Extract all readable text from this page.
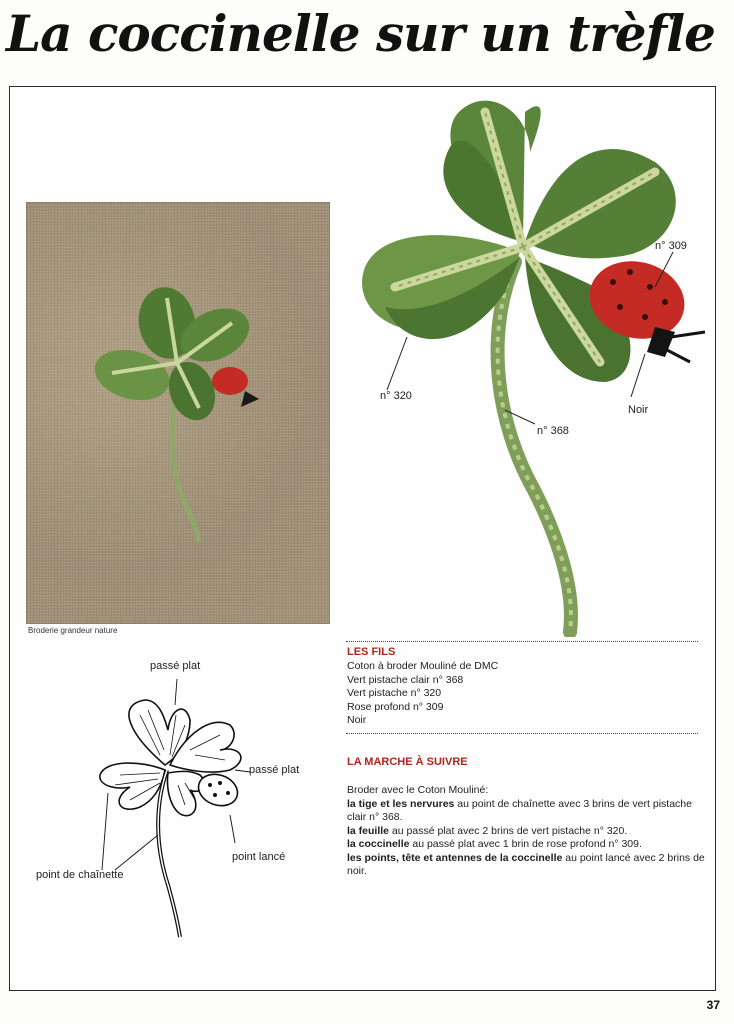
La coccinelle sur un trèfle
Broderie grandeur nature
n° 320
n° 368
n° 309
Noir
passé plat
passé plat
point lancé
point de chaînette
LES FILS
Coton à broder Mouliné de DMC
Vert pistache clair n° 368
Vert pistache n° 320
Rose profond n° 309
Noir
LA MARCHE À SUIVRE

Broder avec le Coton Mouliné:

la tige et les nervures au point de chaînette avec 3 brins de vert pistache clair n° 368.

la feuille au passé plat avec 2 brins de vert pistache n° 320.

la coccinelle au passé plat avec 1 brin de rose profond n° 309.

les points, tête et antennes de la coccinelle au point lancé avec 2 brins de noir.

37
